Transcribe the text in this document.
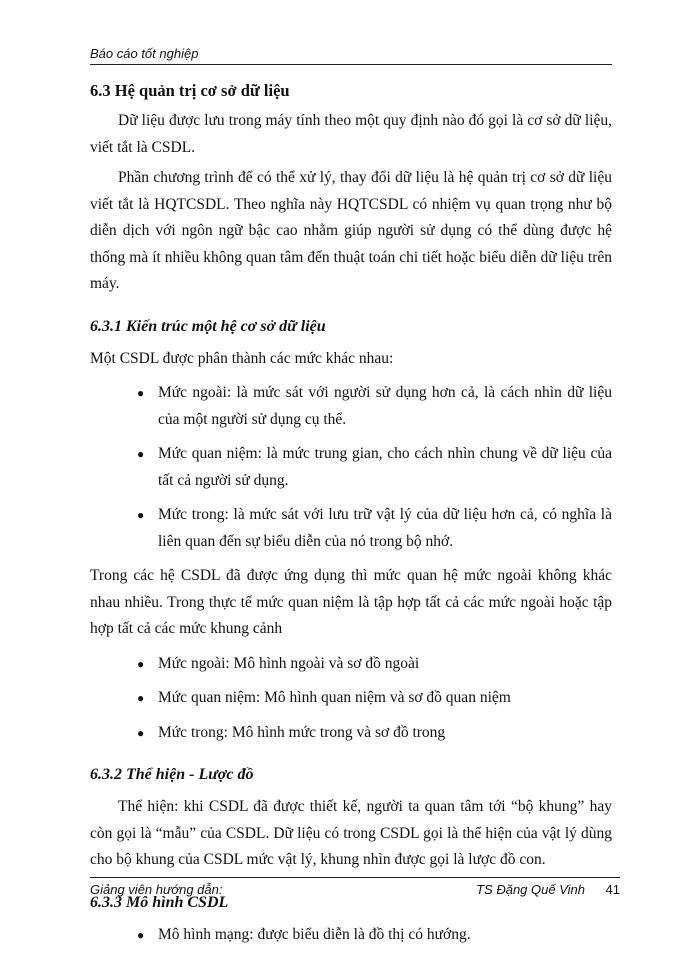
Báo cáo tốt nghiệp
6.3 Hệ quản trị cơ sở dữ liệu

Dữ liệu được lưu trong máy tính theo một quy định nào đó gọi là cơ sở dữ liệu, viết tắt là CSDL.

Phần chương trình để có thể xử lý, thay đổi dữ liệu là hệ quản trị cơ sở dữ liệu viết tắt là HQTCSDL. Theo nghĩa này HQTCSDL có nhiệm vụ quan trọng như bộ diễn dịch với ngôn ngữ bậc cao nhằm giúp người sử dụng có thể dùng được hệ thống mà ít nhiều không quan tâm đến thuật toán chi tiết hoặc biểu diễn dữ liệu trên máy.

6.3.1 Kiến trúc một hệ cơ sở dữ liệu

Một CSDL được phân thành các mức khác nhau:

● Mức ngoài: là mức sát với người sử dụng hơn cả, là cách nhìn dữ liệu của một người sử dụng cụ thể.
● Mức quan niệm: là mức trung gian, cho cách nhìn chung về dữ liệu của tất cả người sử dụng.
● Mức trong: là mức sát với lưu trữ vật lý của dữ liệu hơn cả, có nghĩa là liên quan đến sự biểu diễn của nó trong bộ nhớ.

Trong các hệ CSDL đã được ứng dụng thì mức quan hệ mức ngoài không khác nhau nhiều. Trong thực tế mức quan niệm là tập hợp tất cả các mức ngoài hoặc tập hợp tất cả các mức khung cảnh

● Mức ngoài: Mô hình ngoài và sơ đồ ngoài
● Mức quan niệm: Mô hình quan niệm và sơ đồ quan niệm
● Mức trong: Mô hình mức trong và sơ đồ trong
6.3.2 Thể hiện - Lược đồ

Thể hiện: khi CSDL đã được thiết kế, người ta quan tâm tới “bộ khung” hay còn gọi là “mẫu” của CSDL. Dữ liệu có trong CSDL gọi là thể hiện của vật lý dùng cho bộ khung của CSDL mức vật lý, khung nhìn được gọi là lược đồ con.

6.3.3 Mô hình CSDL
● Mô hình mạng: được biểu diễn là đồ thị có hướng.
Giảng viên hướng dẫn:	TS Đặng Quế Vinh 41
